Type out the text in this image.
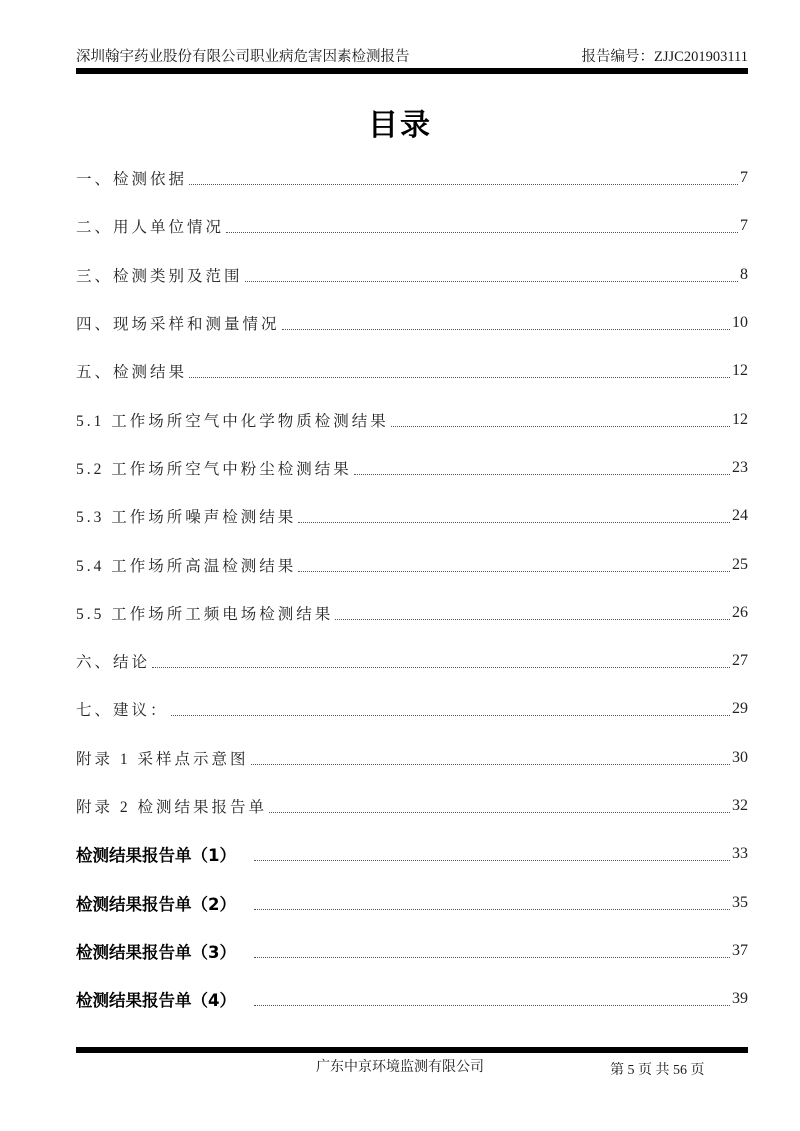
深圳翰宇药业股份有限公司职业病危害因素检测报告	报告编号：ZJJC201903111
目录
一、检测依据	7
二、用人单位情况	7
三、检测类别及范围	8
四、现场采样和测量情况	10
五、检测结果	12
5.1 工作场所空气中化学物质检测结果	12
5.2 工作场所空气中粉尘检测结果	23
5.3 工作场所噪声检测结果	24
5.4 工作场所高温检测结果	25
5.5 工作场所工频电场检测结果	26
六、结论	27
七、建议：	29
附录 1 采样点示意图	30
附录 2 检测结果报告单	32
检测结果报告单（1）	33
检测结果报告单（2）	35
检测结果报告单（3）	37
检测结果报告单（4）	39
广东中京环境监测有限公司	第 5 页 共 56 页
